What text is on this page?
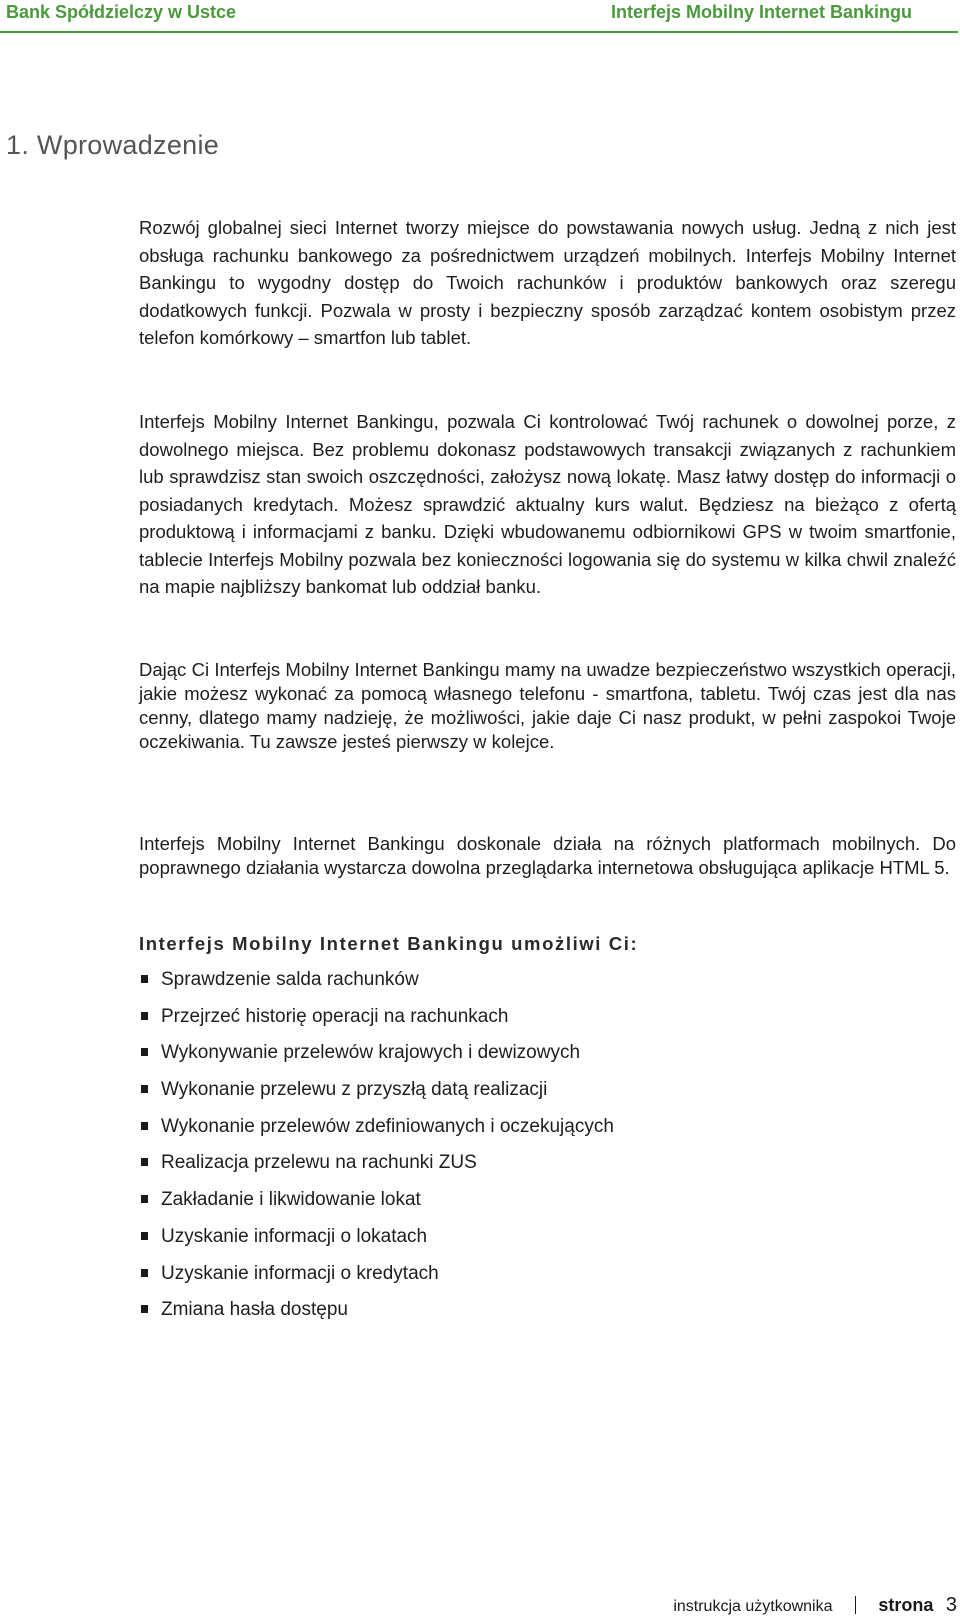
Bank Spółdzielczy w Ustce	Interfejs Mobilny Internet Bankingu
1. Wprowadzenie

Rozwój globalnej sieci Internet tworzy miejsce do powstawania nowych usług. Jedną z nich jest obsługa rachunku bankowego za pośrednictwem urządzeń mobilnych. Interfejs Mobilny Internet Bankingu to wygodny dostęp do Twoich rachunków i produktów bankowych oraz szeregu dodatkowych funkcji. Pozwala w prosty i bezpieczny sposób zarządzać kontem osobistym przez telefon komórkowy – smartfon lub tablet.

Interfejs Mobilny Internet Bankingu, pozwala Ci kontrolować Twój rachunek o dowolnej porze, z dowolnego miejsca. Bez problemu dokonasz podstawowych transakcji związanych z rachunkiem lub sprawdzisz stan swoich oszczędności, założysz nową lokatę. Masz łatwy dostęp do informacji o posiadanych kredytach. Możesz sprawdzić aktualny kurs walut. Będziesz na bieżąco z ofertą produktową i informacjami z banku. Dzięki wbudowanemu odbiornikowi GPS w twoim smartfonie, tablecie Interfejs Mobilny pozwala bez konieczności logowania się do systemu w kilka chwil znaleźć na mapie najbliższy bankomat lub oddział banku.

Dając Ci Interfejs Mobilny Internet Bankingu mamy na uwadze bezpieczeństwo wszystkich operacji, jakie możesz wykonać za pomocą własnego telefonu - smartfona, tabletu. Twój czas jest dla nas cenny, dlatego mamy nadzieję, że możliwości, jakie daje Ci nasz produkt, w pełni zaspokoi Twoje oczekiwania. Tu zawsze jesteś pierwszy w kolejce.

Interfejs Mobilny Internet Bankingu doskonale działa na różnych platformach mobilnych. Do poprawnego działania wystarcza dowolna przeglądarka internetowa obsługująca aplikacje HTML 5.

Interfejs Mobilny Internet Bankingu umożliwi Ci:
Sprawdzenie salda rachunków
Przejrzeć historię operacji na rachunkach
Wykonywanie przelewów krajowych i dewizowych
Wykonanie przelewu z przyszłą datą realizacji
Wykonanie przelewów zdefiniowanych i oczekujących
Realizacja przelewu na rachunki ZUS
Zakładanie i likwidowanie lokat
Uzyskanie informacji o lokatach
Uzyskanie informacji o kredytach
Zmiana hasła dostępu
instrukcja użytkownika	strona 3
